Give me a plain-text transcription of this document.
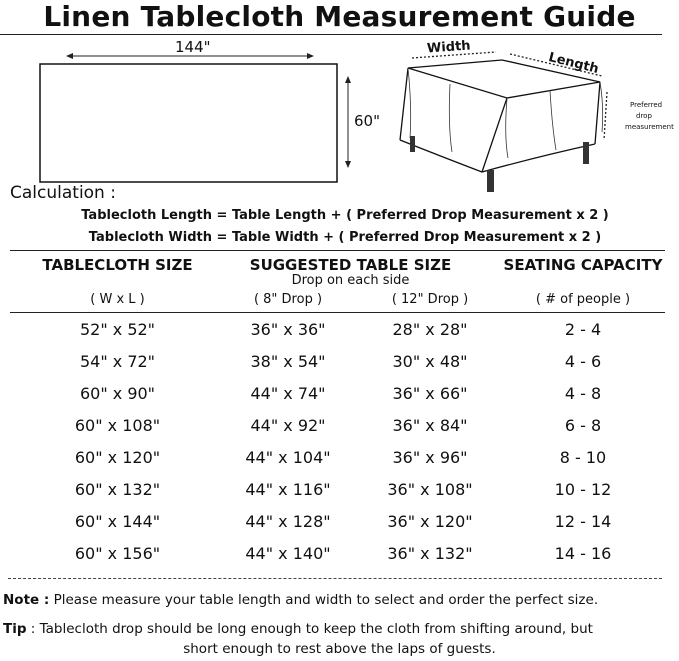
Linen Tablecloth Measurement Guide
144"
60"
Width
Length
Preferred
drop
measurement
Calculation :
Tablecloth Length = Table Length + ( Preferred Drop Measurement x 2 )
Tablecloth Width = Table Width + ( Preferred Drop Measurement x 2 )
TABLECLOTH SIZE	SUGGESTED TABLE SIZE	SEATING CAPACITY
Drop on each side
( W x L )	( 8" Drop )	( 12" Drop )	( # of people )
52" x 52"	36" x 36"	28" x 28"	2 - 4
54" x 72"	38" x 54"	30" x 48"	4 - 6
60" x 90"	44" x 74"	36" x 66"	4 - 8
60" x 108"	44" x 92"	36" x 84"	6 - 8
60" x 120"	44" x 104"	36" x 96"	8 - 10
60" x 132"	44" x 116"	36" x 108"	10 - 12
60" x 144"	44" x 128"	36" x 120"	12 - 14
60" x 156"	44" x 140"	36" x 132"	14 - 16
Note : Please measure your table length and width to select and order the perfect size.
Tip : Tablecloth drop should be long enough to keep the cloth from shifting around, but
short enough to rest above the laps of guests.
